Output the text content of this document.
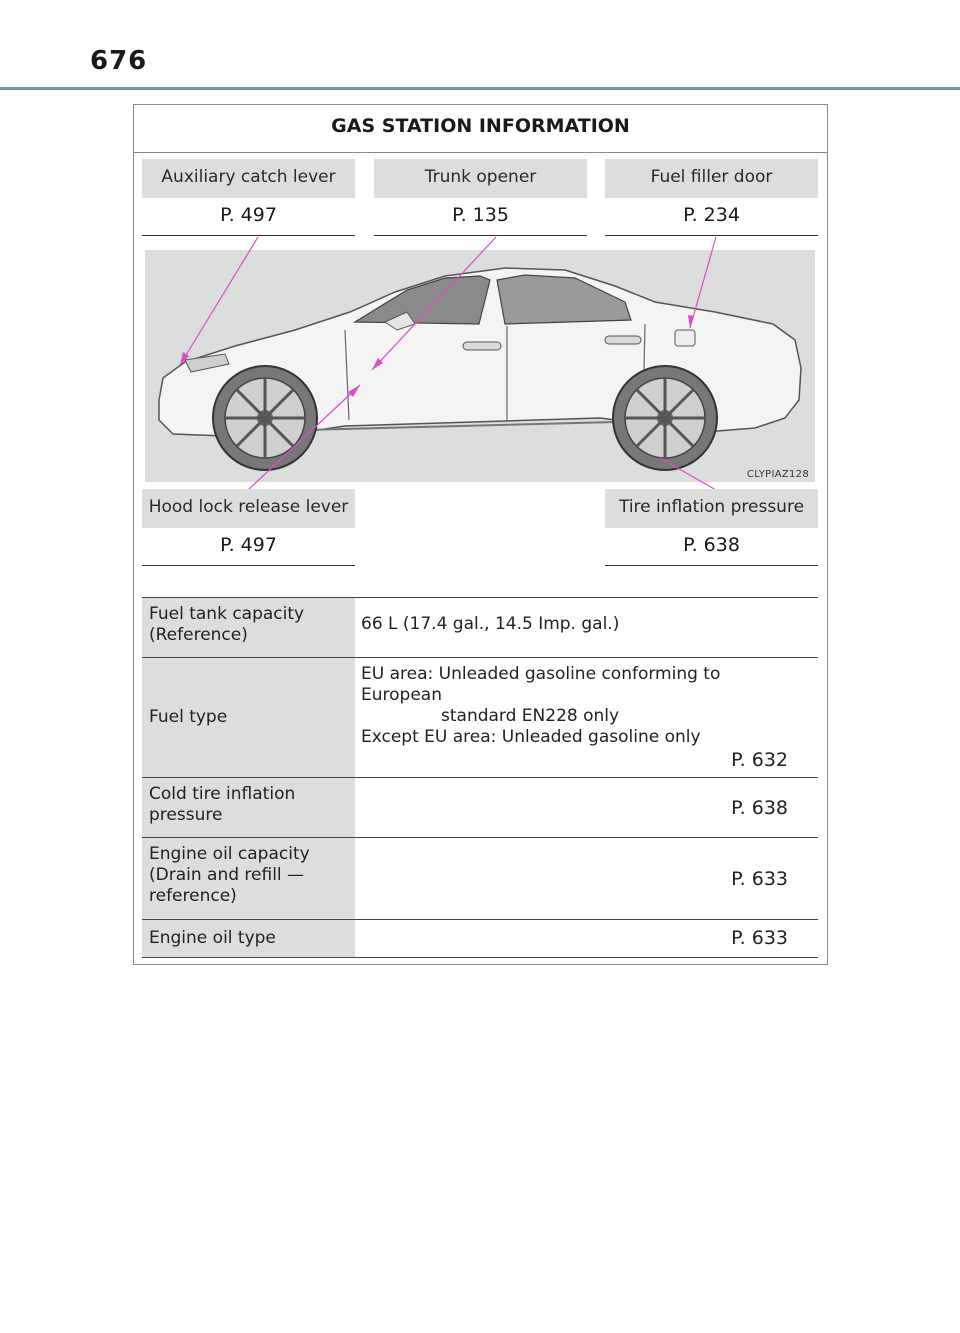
676
GAS STATION INFORMATION
Auxiliary catch lever
P. 497
Trunk opener
P. 135
Fuel filler door
P. 234
CLYPIAZ128
Hood lock release lever
P. 497
Tire inflation pressure
P. 638
Fuel tank capacity
(Reference)	66 L (17.4 gal., 14.5 Imp. gal.)
Fuel type	EU area: Unleaded gasoline conforming to European
standard EN228 only
Except EU area: Unleaded gasoline only
P. 632

Cold tire inflation
pressure	P. 638

Engine oil capacity
(Drain and refill —
reference)	P. 633

Engine oil type	P. 633
